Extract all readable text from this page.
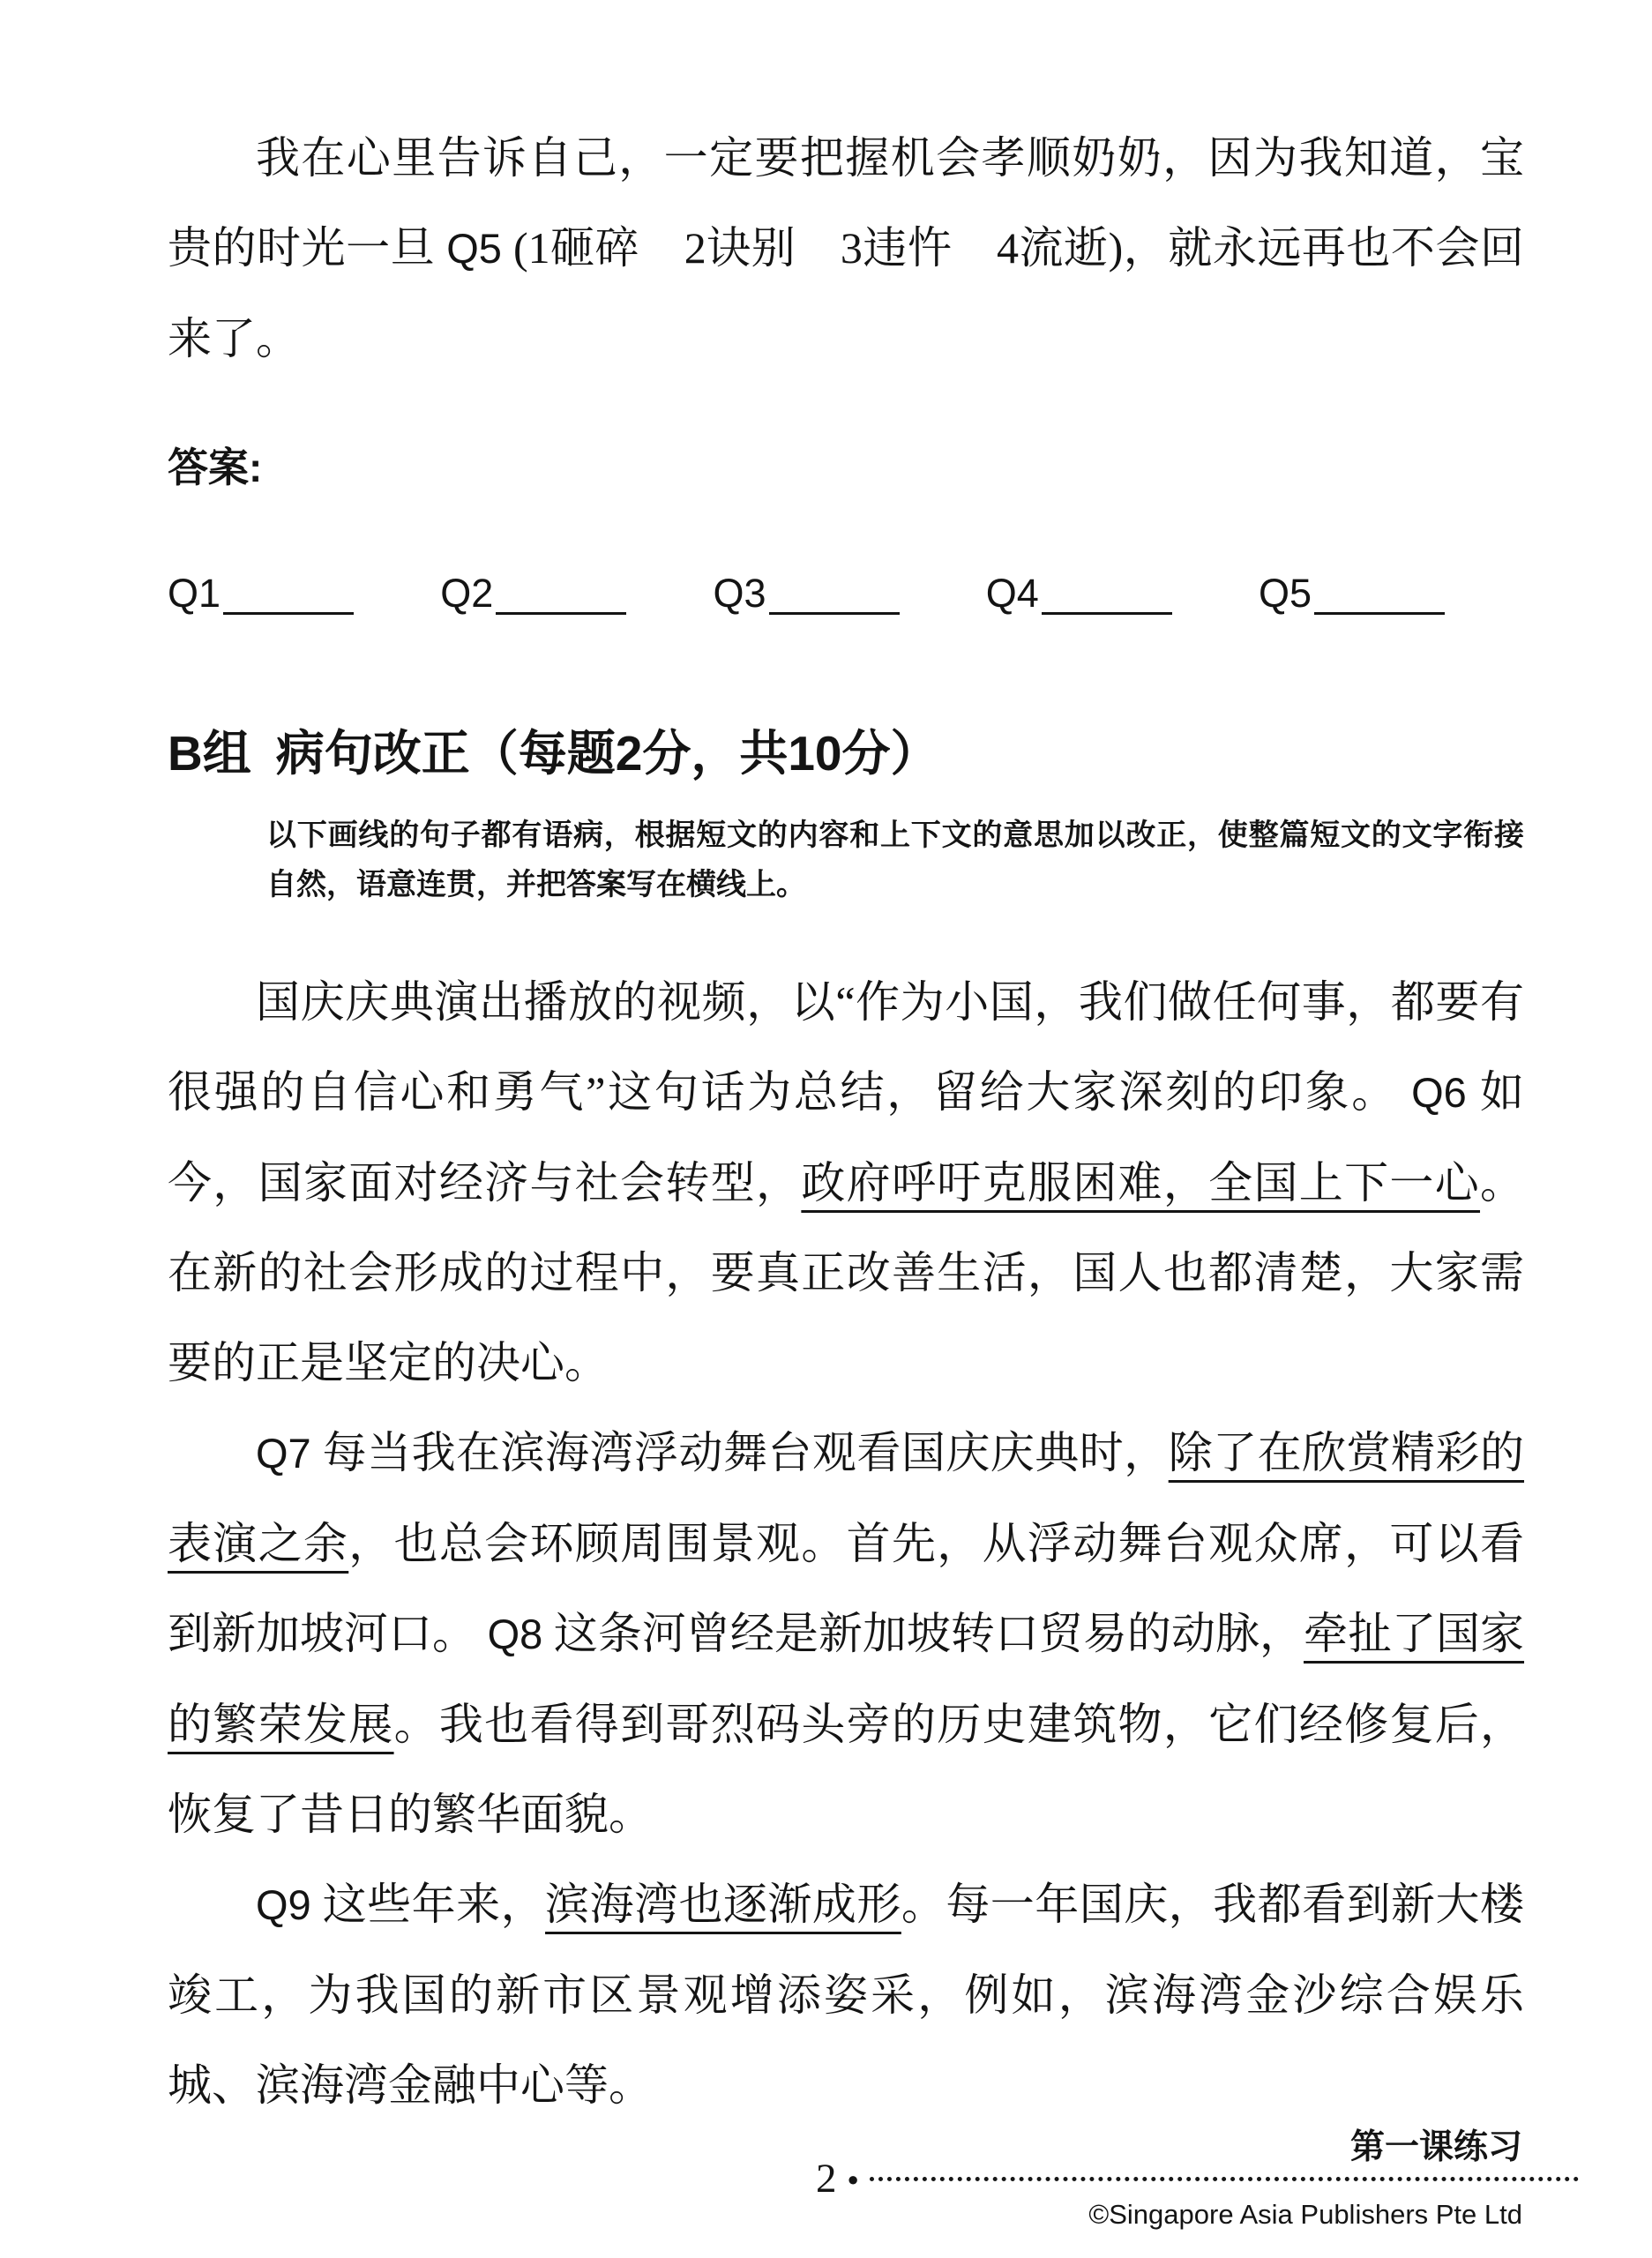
我在心里告诉自己，一定要把握机会孝顺奶奶，因为我知道，宝贵的时光一旦 Q5 (1砸碎　2诀别　3违忤　4流逝)，就永远再也不会回来了。

答案:
Q1	Q2	Q3	Q4	Q5
B组 病句改正（每题2分，共10分）
以下画线的句子都有语病，根据短文的内容和上下文的意思加以改正，使整篇短文的文字衔接自然，语意连贯，并把答案写在横线上。

国庆庆典演出播放的视频，以“作为小国，我们做任何事，都要有很强的自信心和勇气”这句话为总结，留给大家深刻的印象。 Q6 如今，国家面对经济与社会转型，政府呼吁克服困难，全国上下一心。在新的社会形成的过程中，要真正改善生活，国人也都清楚，大家需要的正是坚定的决心。

Q7 每当我在滨海湾浮动舞台观看国庆庆典时，除了在欣赏精彩的表演之余，也总会环顾周围景观。首先，从浮动舞台观众席，可以看到新加坡河口。 Q8 这条河曾经是新加坡转口贸易的动脉，牵扯了国家的繁荣发展。我也看得到哥烈码头旁的历史建筑物，它们经修复后，恢复了昔日的繁华面貌。

Q9 这些年来，滨海湾也逐渐成形。每一年国庆，我都看到新大楼竣工，为我国的新市区景观增添姿采，例如，滨海湾金沙综合娱乐城、滨海湾金融中心等。

第一课练习
2 ●
©Singapore Asia Publishers Pte Ltd
